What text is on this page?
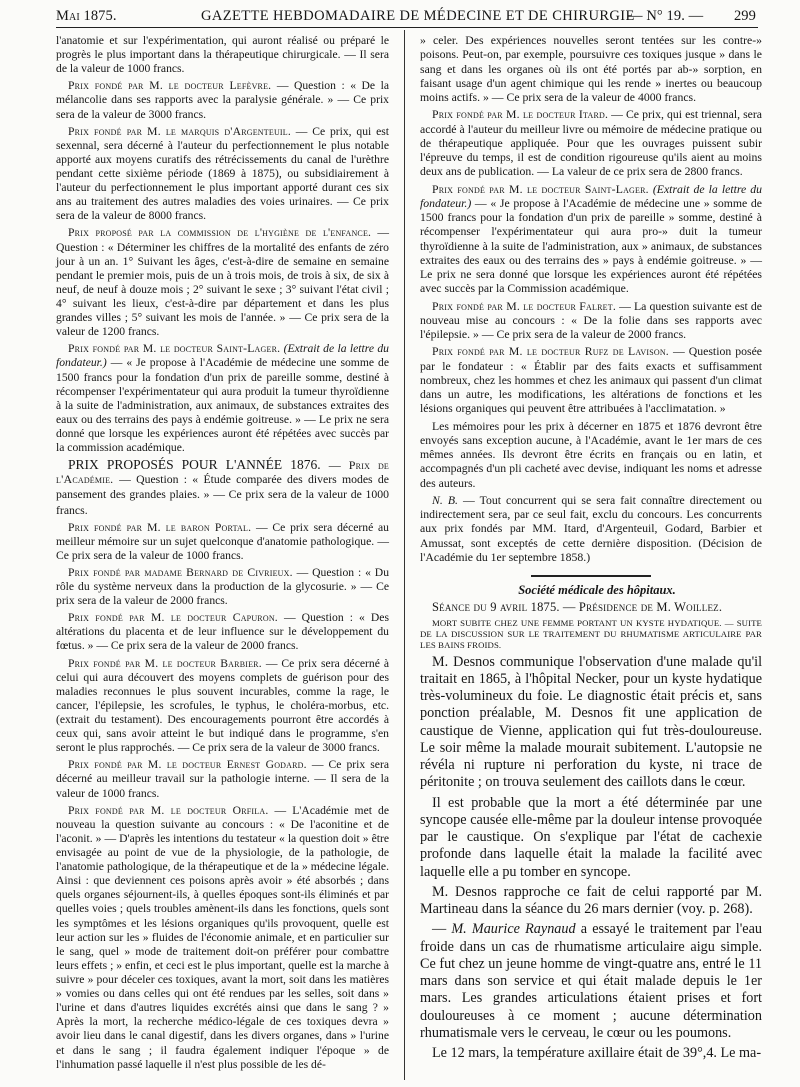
Mai 1875.	GAZETTE HEBDOMADAIRE DE MÉDECINE ET DE CHIRURGIE
— N° 19. — 299

l'anatomie et sur l'expérimentation, qui auront réalisé ou préparé le progrès le plus important dans la thérapeutique chirurgicale. — Il sera de la valeur de 1000 francs.

Prix fondé par M. le docteur Lefèvre. — Question : « De la mélancolie dans ses rapports avec la paralysie générale. » — Ce prix sera de la valeur de 3000 francs.

Prix fondé par M. le marquis d'Argenteuil. — Ce prix, qui est sexennal, sera décerné à l'auteur du perfectionnement le plus notable apporté aux moyens curatifs des rétrécissements du canal de l'urèthre pendant cette sixième période (1869 à 1875), ou subsidiairement à l'auteur du perfectionnement le plus important apporté durant ces six ans au traitement des autres maladies des voies urinaires. — Ce prix sera de la valeur de 8000 francs.

Prix proposé par la commission de l'hygiène de l'enfance. — Question : « Déterminer les chiffres de la mortalité des enfants de zéro jour à un an. 1° Suivant les âges, c'est-à-dire de semaine en semaine pendant le premier mois, puis de un à trois mois, de trois à six, de six à neuf, de neuf à douze mois ; 2° suivant le sexe ; 3° suivant l'état civil ; 4° suivant les lieux, c'est-à-dire par département et dans les plus grandes villes ; 5° suivant les mois de l'année. » — Ce prix sera de la valeur de 1200 francs.

Prix fondé par M. le docteur Saint-Lager. (Extrait de la lettre du fondateur.) — « Je propose à l'Académie de médecine une somme de 1500 francs pour la fondation d'un prix de pareille somme, destiné à récompenser l'expérimentateur qui aura produit la tumeur thyroïdienne à la suite de l'administration, aux animaux, de substances extraites des eaux ou des terrains des pays à endémie goitreuse. » — Le prix ne sera donné que lorsque les expériences auront été répétées avec succès par la commission académique.

PRIX PROPOSÉS POUR L'ANNÉE 1876. — Prix de l'Académie. — Question : « Étude comparée des divers modes de pansement des grandes plaies. » — Ce prix sera de la valeur de 1000 francs.

Prix fondé par M. le baron Portal. — Ce prix sera décerné au meilleur mémoire sur un sujet quelconque d'anatomie pathologique. — Ce prix sera de la valeur de 1000 francs.

Prix fondé par madame Bernard de Civrieux. — Question : « Du rôle du système nerveux dans la production de la glycosurie. » — Ce prix sera de la valeur de 2000 francs.

Prix fondé par M. le docteur Capuron. — Question : « Des altérations du placenta et de leur influence sur le développement du fœtus. » — Ce prix sera de la valeur de 2000 francs.

Prix fondé par M. le docteur Barbier. — Ce prix sera décerné à celui qui aura découvert des moyens complets de guérison pour des maladies reconnues le plus souvent incurables, comme la rage, le cancer, l'épilepsie, les scrofules, le typhus, le choléra-morbus, etc. (extrait du testament). Des encouragements pourront être accordés à ceux qui, sans avoir atteint le but indiqué dans le programme, s'en seront le plus rapprochés. — Ce prix sera de la valeur de 3000 francs.

Prix fondé par M. le docteur Ernest Godard. — Ce prix sera décerné au meilleur travail sur la pathologie interne. — Il sera de la valeur de 1000 francs.

Prix fondé par M. le docteur Orfila. — L'Académie met de nouveau la question suivante au concours : « De l'aconitine et de l'aconit. » — D'après les intentions du testateur « la question doit » être envisagée au point de vue de la physiologie, de la pathologie, de l'anatomie pathologique, de la thérapeutique et de la » médecine légale. Ainsi : que deviennent ces poisons après avoir » été absorbés ; dans quels organes séjournent-ils, à quelles époques sont-ils éliminés et par quelles voies ; quels troubles amènent-ils dans les fonctions, quels sont les symptômes et les lésions organiques qu'ils provoquent, quelle est leur action sur les » fluides de l'économie animale, et en particulier sur le sang, quel » mode de traitement doit-on préférer pour combattre leurs effets ; » enfin, et ceci est le plus important, quelle est la marche à suivre » pour déceler ces toxiques, avant la mort, soit dans les matières » vomies ou dans celles qui ont été rendues par les selles, soit dans » l'urine et dans d'autres liquides excrétés ainsi que dans le sang ? » Après la mort, la recherche médico-légale de ces toxiques devra » avoir lieu dans le canal digestif, dans les divers organes, dans » l'urine et dans le sang ; il faudra également indiquer l'époque » de l'inhumation passé laquelle il n'est plus possible de les dé-

» celer. Des expériences nouvelles seront tentées sur les contre-» poisons. Peut-on, par exemple, poursuivre ces toxiques jusque » dans le sang et dans les organes où ils ont été portés par ab-» sorption, en faisant usage d'un agent chimique qui les rende » inertes ou beaucoup moins actifs. » — Ce prix sera de la valeur de 4000 francs.

Prix fondé par M. le docteur Itard. — Ce prix, qui est triennal, sera accordé à l'auteur du meilleur livre ou mémoire de médecine pratique ou de thérapeutique appliquée. Pour que les ouvrages puissent subir l'épreuve du temps, il est de condition rigoureuse qu'ils aient au moins deux ans de publication. — La valeur de ce prix sera de 2800 francs.

Prix fondé par M. le docteur Saint-Lager. (Extrait de la lettre du fondateur.) — « Je propose à l'Académie de médecine une » somme de 1500 francs pour la fondation d'un prix de pareille » somme, destiné à récompenser l'expérimentateur qui aura pro-» duit la tumeur thyroïdienne à la suite de l'administration, aux » animaux, de substances extraites des eaux ou des terrains des » pays à endémie goitreuse. » — Le prix ne sera donné que lorsque les expériences auront été répétées avec succès par la Commission académique.

Prix fondé par M. le docteur Falret. — La question suivante est de nouveau mise au concours : « De la folie dans ses rapports avec l'épilepsie. » — Ce prix sera de la valeur de 2000 francs.

Prix fondé par M. le docteur Rufz de Lavison. — Question posée par le fondateur : « Établir par des faits exacts et suffisamment nombreux, chez les hommes et chez les animaux qui passent d'un climat dans un autre, les modifications, les altérations de fonctions et les lésions organiques qui peuvent être attribuées à l'acclimatation. »

Les mémoires pour les prix à décerner en 1875 et 1876 devront être envoyés sans exception aucune, à l'Académie, avant le 1er mars de ces mêmes années. Ils devront être écrits en français ou en latin, et accompagnés d'un pli cacheté avec devise, indiquant les noms et adresse des auteurs.

N. B. — Tout concurrent qui se sera fait connaître directement ou indirectement sera, par ce seul fait, exclu du concours. Les concurrents aux prix fondés par MM. Itard, d'Argenteuil, Godard, Barbier et Amussat, sont exceptés de cette dernière disposition. (Décision de l'Académie du 1er septembre 1858.)

Société médicale des hôpitaux.

Séance du 9 avril 1875. — Présidence de M. Woillez.

MORT SUBITE CHEZ UNE FEMME PORTANT UN KYSTE HYDATIQUE. — SUITE DE LA DISCUSSION SUR LE TRAITEMENT DU RHUMATISME ARTICULAIRE PAR LES BAINS FROIDS.

M. Desnos communique l'observation d'une malade qu'il traitait en 1865, à l'hôpital Necker, pour un kyste hydatique très-volumineux du foie. Le diagnostic était précis et, sans ponction préalable, M. Desnos fit une application de caustique de Vienne, application qui fut très-douloureuse. Le soir même la malade mourait subitement. L'autopsie ne révéla ni rupture ni perforation du kyste, ni trace de péritonite ; on trouva seulement des caillots dans le cœur.

Il est probable que la mort a été déterminée par une syncope causée elle-même par la douleur intense provoquée par le caustique. On s'explique par l'état de cachexie profonde dans laquelle était la malade la facilité avec laquelle elle a pu tomber en syncope.

M. Desnos rapproche ce fait de celui rapporté par M. Martineau dans la séance du 26 mars dernier (voy. p. 268).

— M. Maurice Raynaud a essayé le traitement par l'eau froide dans un cas de rhumatisme articulaire aigu simple. Ce fut chez un jeune homme de vingt-quatre ans, entré le 11 mars dans son service et qui était malade depuis le 1er mars. Les grandes articulations étaient prises et fort douloureuses à ce moment ; aucune détermination rhumatismale vers le cerveau, le cœur ou les poumons.

Le 12 mars, la température axillaire était de 39°,4. Le ma-
